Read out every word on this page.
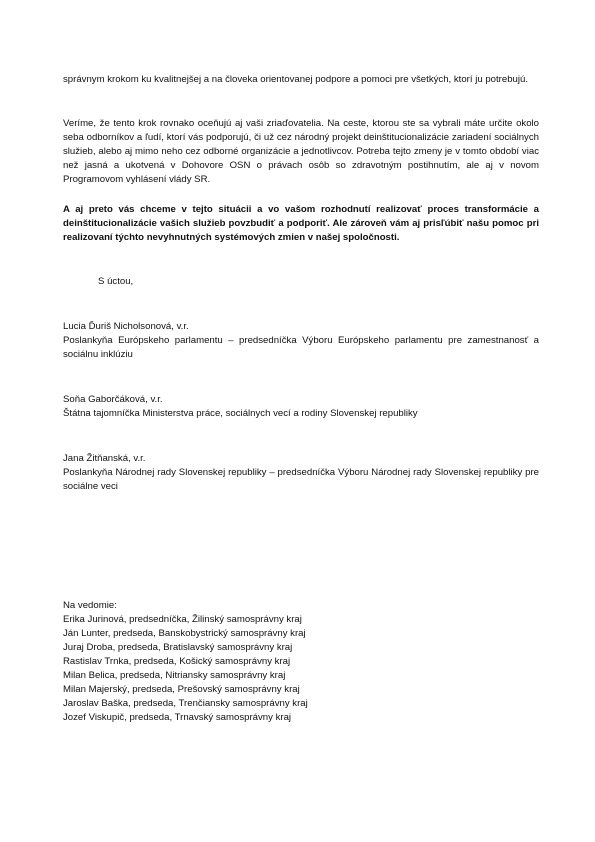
správnym krokom ku kvalitnejšej a na človeka orientovanej podpore a pomoci pre všetkých, ktorí ju potrebujú.

Veríme, že tento krok rovnako oceňujú aj vaši zriaďovatelia. Na ceste, ktorou ste sa vybrali máte určite okolo seba odborníkov a ľudí, ktorí vás podporujú, či už cez národný projekt deinštitucionalizácie zariadení sociálnych služieb, alebo aj mimo neho cez odborné organizácie a jednotlivcov. Potreba tejto zmeny je v tomto období viac než jasná a ukotvená v Dohovore OSN o právach osôb so zdravotným postihnutím, ale aj v novom Programovom vyhlásení vlády SR.

A aj preto vás chceme v tejto situácii a vo vašom rozhodnutí realizovať proces transformácie a deinštitucionalizácie vašich služieb povzbudiť a podporiť. Ale zároveň vám aj prisľúbiť našu pomoc pri realizovaní týchto nevyhnutných systémových zmien v našej spoločnosti.

S úctou,

Lucia Ďuriš Nicholsonová, v.r.
Poslankyňa Európskeho parlamentu – predsedníčka Výboru Európskeho parlamentu pre zamestnanosť a sociálnu inklúziu
Soňa Gaborčáková, v.r.
Štátna tajomníčka Ministerstva práce, sociálnych vecí a rodiny Slovenskej republiky
Jana Žitňanská, v.r.
Poslankyňa Národnej rady Slovenskej republiky – predsedníčka Výboru Národnej rady Slovenskej republiky pre sociálne veci
Na vedomie:
Erika Jurinová, predsedníčka, Žilinský samosprávny kraj
Ján Lunter, predseda, Banskobystrický samosprávny kraj
Juraj Droba, predseda, Bratislavský samosprávny kraj
Rastislav Trnka, predseda, Košický samosprávny kraj
Milan Belica, predseda, Nitriansky samosprávny kraj
Milan Majerský, predseda, Prešovský samosprávny kraj
Jaroslav Baška, predseda, Trenčiansky samosprávny kraj
Jozef Viskupič, predseda, Trnavský samosprávny kraj
